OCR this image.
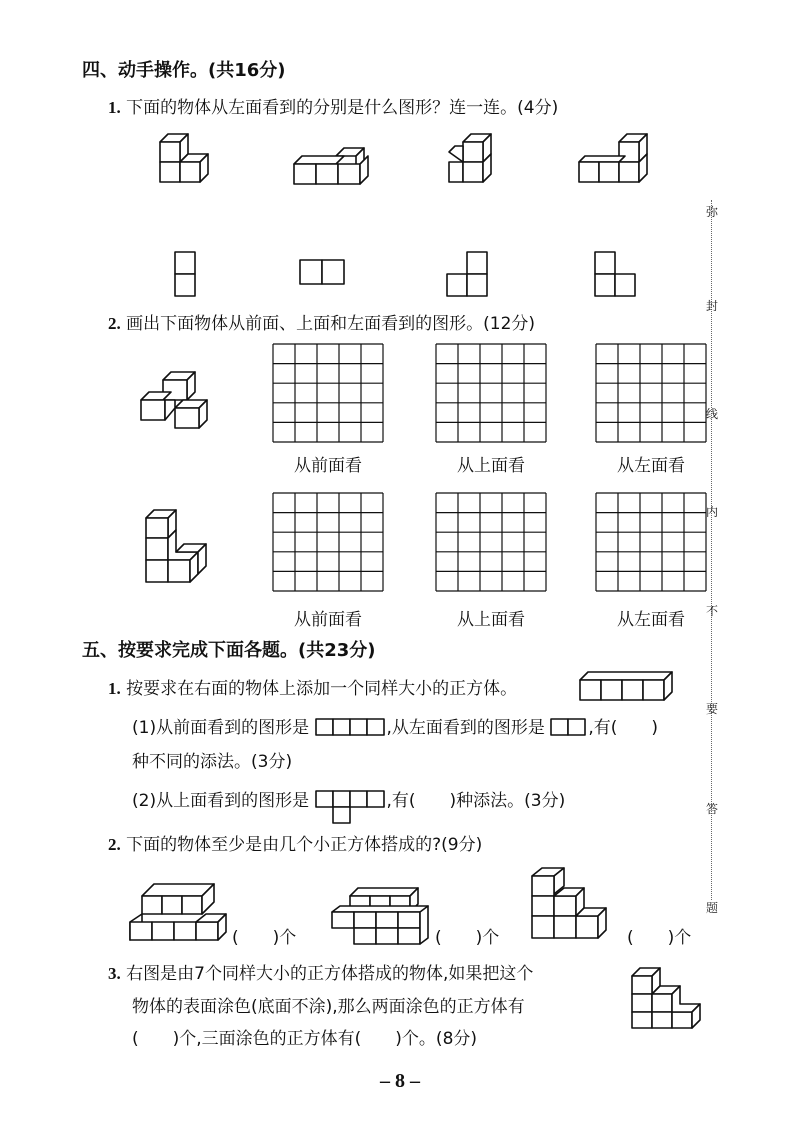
四、动手操作。(共16分)
1. 下面的物体从左面看到的分别是什么图形？连一连。(4分)
2. 画出下面物体从前面、上面和左面看到的图形。(12分)
从前面看	从上面看	从左面看
从前面看	从上面看	从左面看
五、按要求完成下面各题。(共23分)
1. 按要求在右面的物体上添加一个同样大小的正方体。
(1)从前面看到的图形是	,从左面看到的图形是	,有(　　)
种不同的添法。(3分)
(2)从上面看到的图形是	,有(　　)种添法。(3分)
2. 下面的物体至少是由几个小正方体搭成的?(9分)
(　　)个	(　　)个	(　　)个
3. 右图是由7个同样大小的正方体搭成的物体,如果把这个
物体的表面涂色(底面不涂),那么两面涂色的正方体有
(　　)个,三面涂色的正方体有(　　)个。(8分)
弥
封
线
内
不
要
答
题
– 8 –
